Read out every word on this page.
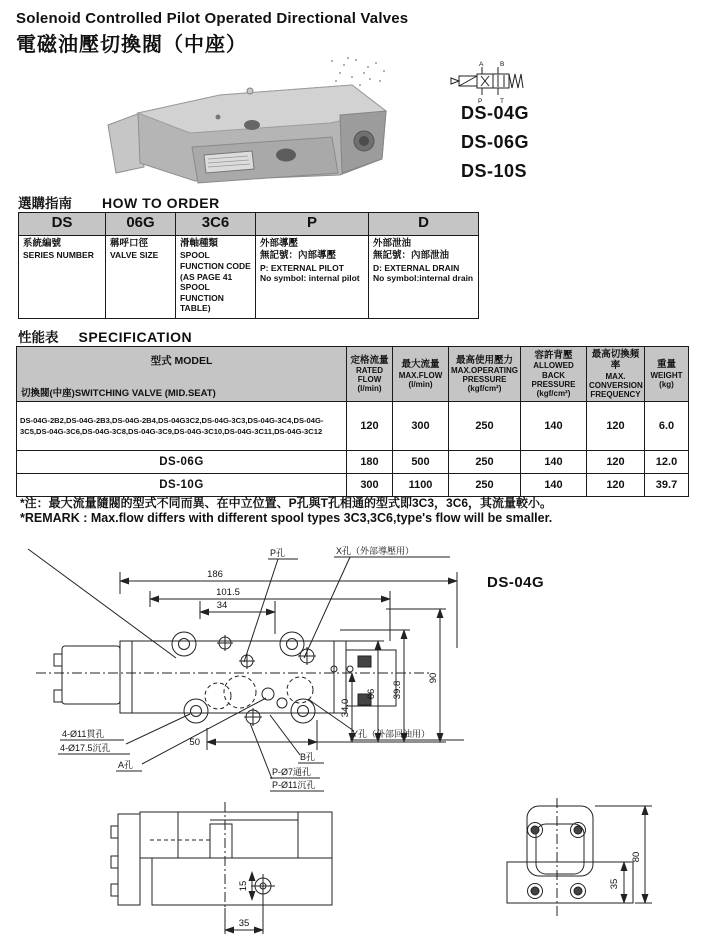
Solenoid Controlled Pilot Operated Directional Valves
電磁油壓切換閥（中座）
A	B
P	T
DS-04G
DS-06G
DS-10S
選購指南 HOW TO ORDER
DS	06G	3C6	P	D

系統編號
SERIES NUMBER

稱呼口徑
VALVE SIZE

滑軸種類
SPOOL FUNCTION CODE (AS PAGE 41 SPOOL FUNCTION TABLE)

外部導壓
無記號：內部導壓
P: EXTERNAL PILOT
No symbol: internal pilot

外部泄油
無記號：內部泄油
D: EXTERNAL DRAIN
No symbol:internal drain
性能表 SPECIFICATION
型式 MODEL
切換閥(中座)SWITCHING VALVE (MID.SEAT)

定格流量
RATED FLOW
(l/min)

最大流量
MAX.FLOW
(l/min)

最高使用壓力
MAX.OPERATING PRESSURE
(kgf/cm²)

容許背壓
ALLOWED BACK PRESSURE
(kgf/cm²)

最高切換頻率
MAX. CONVERSION FREQUENCY

重量
WEIGHT
(kg)

DS-04G-2B2,DS-04G-2B3,DS-04G-2B4,DS-04G3C2,DS-04G-3C3,DS-04G-3C4,DS-04G-3C5,DS-04G-3C6,DS-04G-3C8,DS-04G-3C9,DS-04G-3C10,DS-04G-3C11,DS-04G-3C12	120	300	250	140	120	6.0
DS-06G	180	500	250	140	120	12.0
DS-10G	300	1100	250	140	120	39.7
*注：最大流量隨閥的型式不同而異、在中立位置、P孔與T孔相通的型式即3C3，3C6，其流量較小。
*REMARK : Max.flow differs with different spool types 3C3,3C6,type's flow will be smaller.
186
101.5
34
50
34.0
66 39.8
90
P孔	X孔（外部導壓用）
Y孔（外部回油用）
B孔
P-Ø7通孔
P-Ø11沉孔
A孔
4-Ø11貫孔
4-Ø17.5沉孔
DS-04G
15
35
80
35
